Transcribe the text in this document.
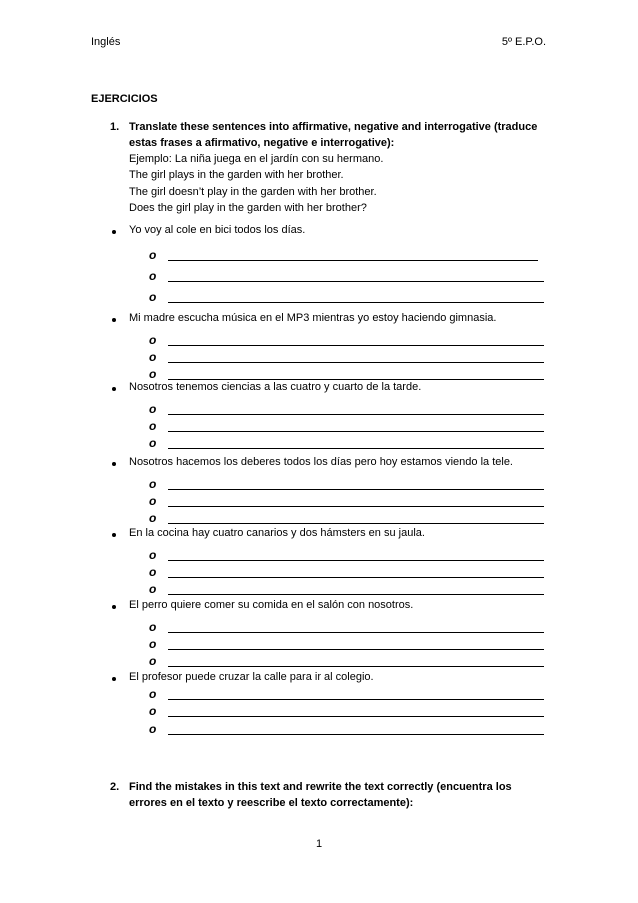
Inglés	5º E.P.O.
EJERCICIOS
1. Translate these sentences into affirmative, negative and interrogative (traduce estas frases a afirmativo, negative e interrogative):
Ejemplo: La niña juega en el jardín con su hermano.
The girl plays in the garden with her brother.
The girl doesn’t play in the garden with her brother.
Does the girl play in the garden with her brother?
Yo voy al cole en bici todos los días.
o
o
o
Mi madre escucha música en el MP3 mientras yo estoy haciendo gimnasia.
o
o
o
Nosotros tenemos ciencias a las cuatro y cuarto de la tarde.
o
o
o
Nosotros hacemos los deberes todos los días pero hoy estamos viendo la tele.
o
o
o
En la cocina hay cuatro canarios y dos hámsters en su jaula.
o
o
o
El perro quiere comer su comida en el salón con nosotros.
o
o
o
El profesor puede cruzar la calle para ir al colegio.
o
o
o
2. Find the mistakes in this text and rewrite the text correctly (encuentra los errores en el texto y reescribe el texto correctamente):
1
